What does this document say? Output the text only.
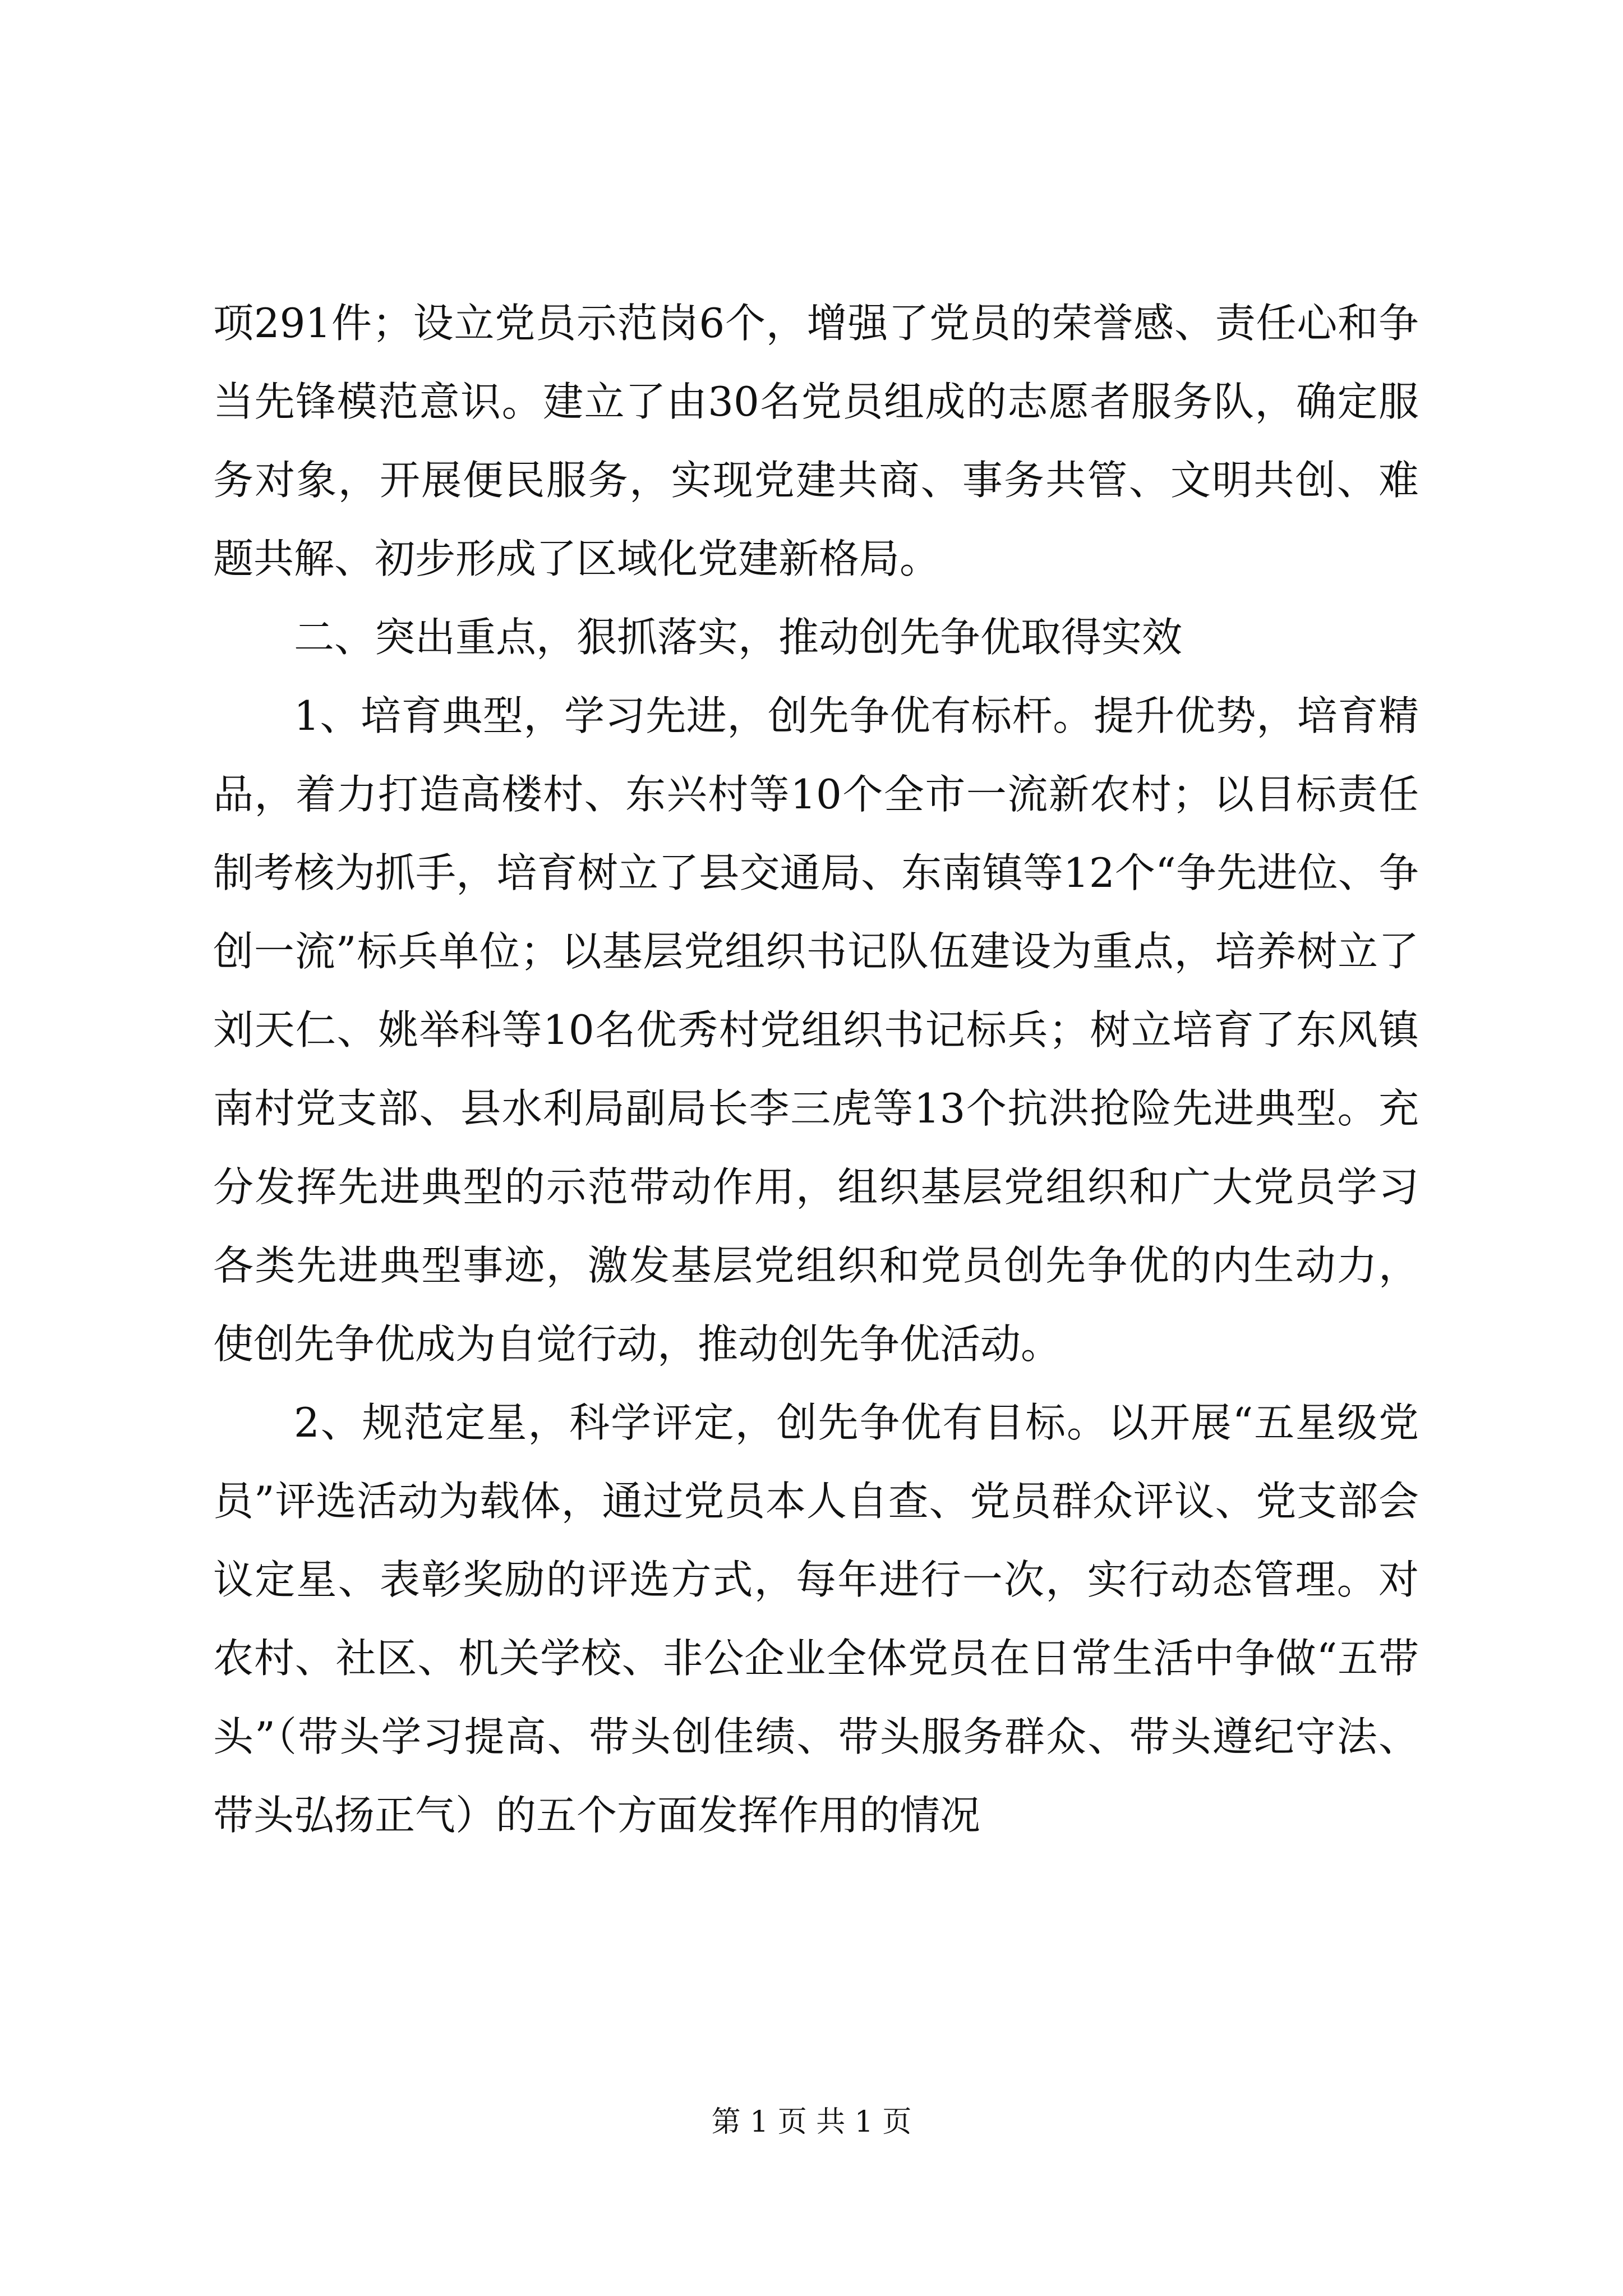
项291件；设立党员示范岗6个，增强了党员的荣誉感、责任心和争当先锋模范意识。建立了由30名党员组成的志愿者服务队，确定服务对象，开展便民服务，实现党建共商、事务共管、文明共创、难题共解、初步形成了区域化党建新格局。

二、突出重点，狠抓落实，推动创先争优取得实效

1、培育典型，学习先进，创先争优有标杆。提升优势，培育精品，着力打造高楼村、东兴村等10个全市一流新农村；以目标责任制考核为抓手，培育树立了县交通局、东南镇等12个“争先进位、争创一流”标兵单位；以基层党组织书记队伍建设为重点，培养树立了刘天仁、姚举科等10名优秀村党组织书记标兵；树立培育了东风镇南村党支部、县水利局副局长李三虎等13个抗洪抢险先进典型。充分发挥先进典型的示范带动作用，组织基层党组织和广大党员学习各类先进典型事迹，激发基层党组织和党员创先争优的内生动力，使创先争优成为自觉行动，推动创先争优活动。

2、规范定星，科学评定，创先争优有目标。以开展“五星级党员”评选活动为载体，通过党员本人自查、党员群众评议、党支部会议定星、表彰奖励的评选方式，每年进行一次，实行动态管理。对农村、社区、机关学校、非公企业全体党员在日常生活中争做“五带头”（带头学习提高、带头创佳绩、带头服务群众、带头遵纪守法、带头弘扬正气）的五个方面发挥作用的情况

第 1 页 共 1 页
